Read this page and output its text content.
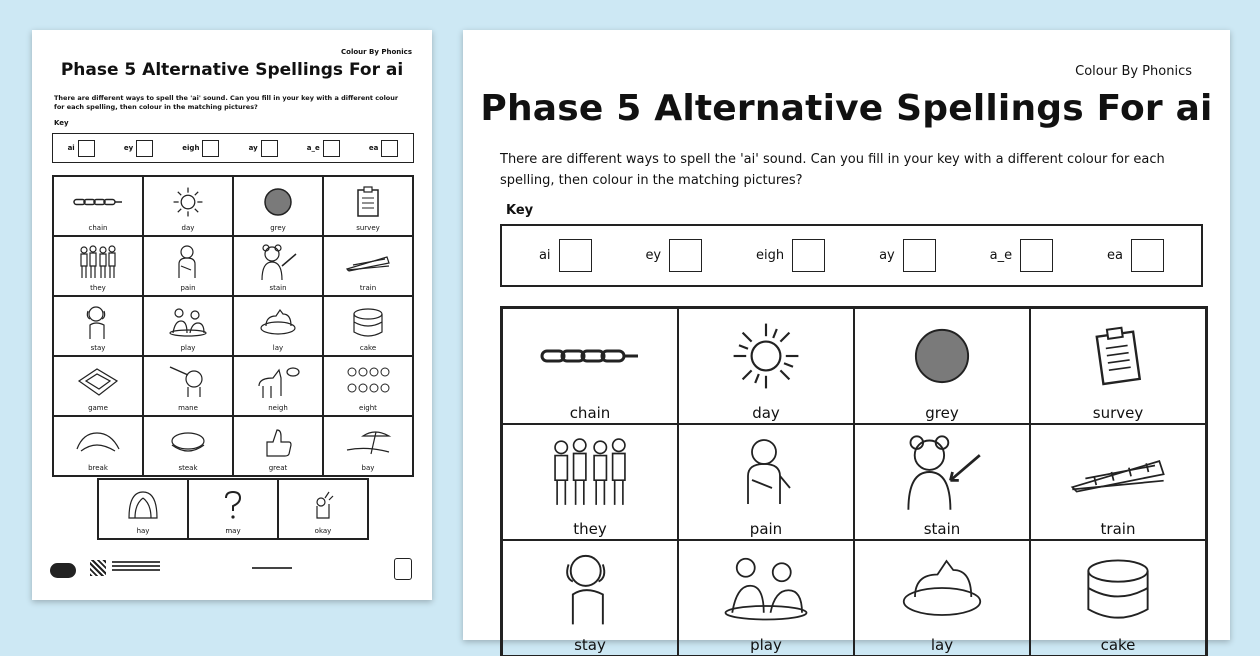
Colour By Phonics
Phase 5 Alternative Spellings For ai
There are different ways to spell the 'ai' sound. Can you fill in your key with a different colour for each spelling, then colour in the matching pictures?
Key
ai	ey	eigh	ay	a_e	ea
chain	day	grey	survey
they	pain	stain	train
stay	play	lay	cake
game	mane	neigh	eight
break	steak	great	bay
hay	may	okay
Colour By Phonics
Phase 5 Alternative Spellings For ai
There are different ways to spell the 'ai' sound. Can you fill in your key with a different colour for each spelling, then colour in the matching pictures?
Key
ai	ey	eigh	ay	a_e	ea
chain	day	grey	survey
they	pain	stain	train
stay	play	lay	cake
